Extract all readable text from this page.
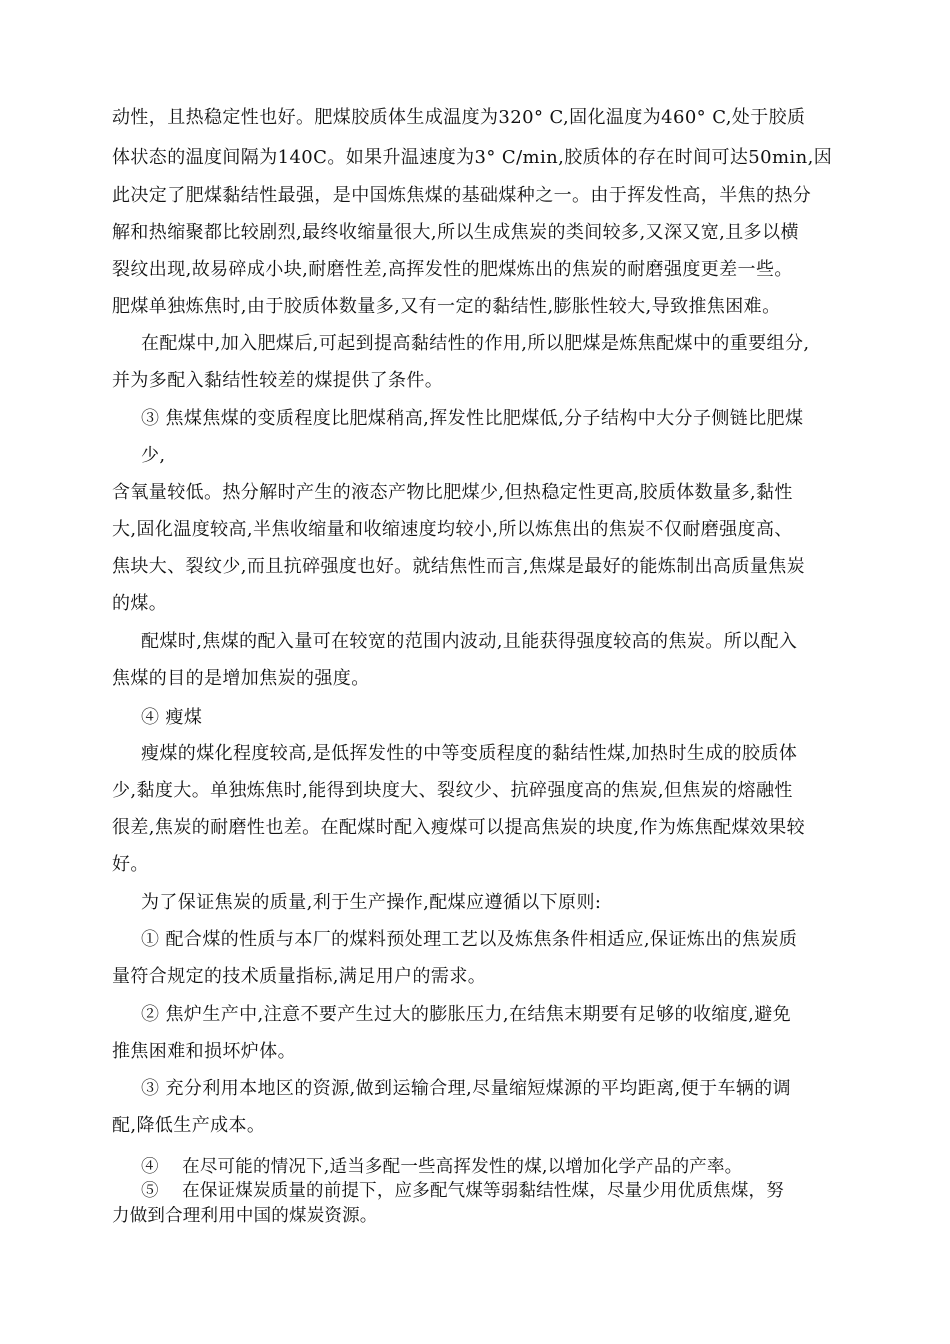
动性，且热稳定性也好。肥煤胶质体生成温度为320° C,固化温度为460° C,处于胶质
体状态的温度间隔为140C。如果升温速度为3° C/min,胶质体的存在时间可达50min,因
此决定了肥煤黏结性最强，是中国炼焦煤的基础煤种之一。由于挥发性高，半焦的热分
解和热缩聚都比较剧烈,最终收缩量很大,所以生成焦炭的类间较多,又深又宽,且多以横
裂纹出现,故易碎成小块,耐磨性差,高挥发性的肥煤炼出的焦炭的耐磨强度更差一些。
肥煤单独炼焦时,由于胶质体数量多,又有一定的黏结性,膨胀性较大,导致推焦困难。
在配煤中,加入肥煤后,可起到提高黏结性的作用,所以肥煤是炼焦配煤中的重要组分,
并为多配入黏结性较差的煤提供了条件。
③ 焦煤焦煤的变质程度比肥煤稍高,挥发性比肥煤低,分子结构中大分子侧链比肥煤
少,
含氧量较低。热分解时产生的液态产物比肥煤少,但热稳定性更高,胶质体数量多,黏性
大,固化温度较高,半焦收缩量和收缩速度均较小,所以炼焦出的焦炭不仅耐磨强度高、
焦块大、裂纹少,而且抗碎强度也好。就结焦性而言,焦煤是最好的能炼制出高质量焦炭
的煤。
配煤时,焦煤的配入量可在较宽的范围内波动,且能获得强度较高的焦炭。所以配入
焦煤的目的是增加焦炭的强度。
④ 瘦煤
瘦煤的煤化程度较高,是低挥发性的中等变质程度的黏结性煤,加热时生成的胶质体
少,黏度大。单独炼焦时,能得到块度大、裂纹少、抗碎强度高的焦炭,但焦炭的熔融性
很差,焦炭的耐磨性也差。在配煤时配入瘦煤可以提高焦炭的块度,作为炼焦配煤效果较
好。
为了保证焦炭的质量,利于生产操作,配煤应遵循以下原则:
① 配合煤的性质与本厂的煤料预处理工艺以及炼焦条件相适应,保证炼出的焦炭质
量符合规定的技术质量指标,满足用户的需求。
② 焦炉生产中,注意不要产生过大的膨胀压力,在结焦末期要有足够的收缩度,避免
推焦困难和损坏炉体。
③ 充分利用本地区的资源,做到运输合理,尽量缩短煤源的平均距离,便于车辆的调
配,降低生产成本。
④　 在尽可能的情况下,适当多配一些高挥发性的煤,以增加化学产品的产率。
⑤　 在保证煤炭质量的前提下，应多配气煤等弱黏结性煤，尽量少用优质焦煤，努
力做到合理利用中国的煤炭资源。
